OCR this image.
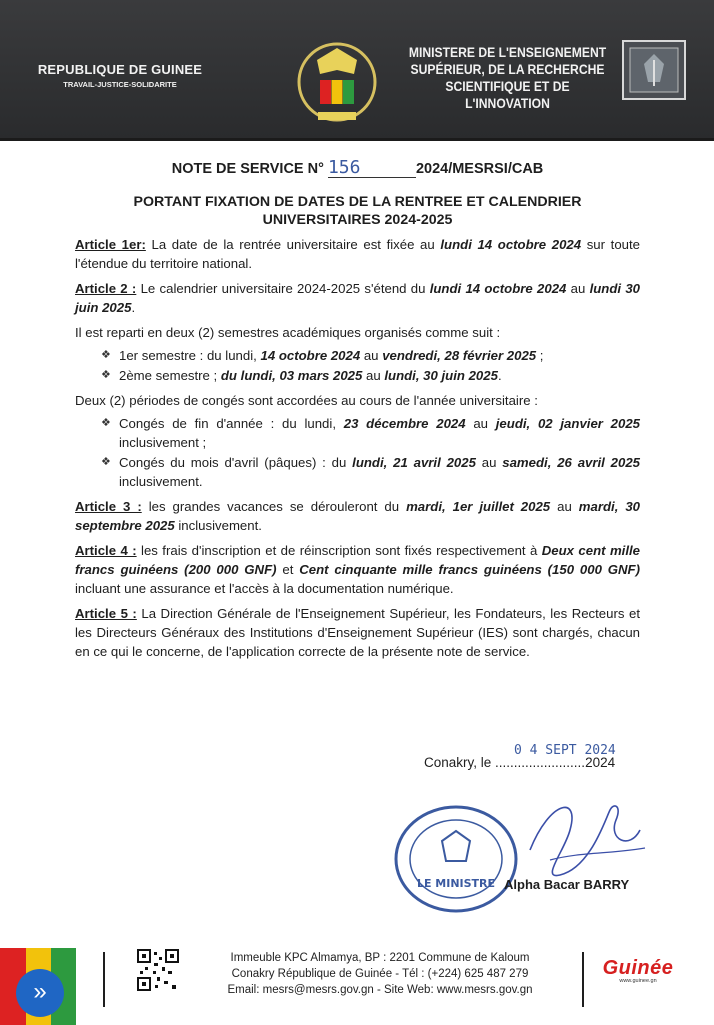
REPUBLIQUE DE GUINEE
TRAVAIL-JUSTICE-SOLIDARITE
MINISTERE DE L'ENSEIGNEMENT
SUPÉRIEUR, DE LA RECHERCHE
SCIENTIFIQUE ET DE L'INNOVATION
NOTE DE SERVICE N° 156	2024/MESRSI/CAB
PORTANT FIXATION DE DATES DE LA RENTREE ET CALENDRIER
UNIVERSITAIRES 2024-2025

Article 1er: La date de la rentrée universitaire est fixée au lundi 14 octobre 2024 sur toute l'étendue du territoire national.

Article 2 : Le calendrier universitaire 2024-2025 s'étend du lundi 14 octobre 2024 au lundi 30 juin 2025.

Il est reparti en deux (2) semestres académiques organisés comme suit :

❖ 1er semestre : du lundi, 14 octobre 2024 au vendredi, 28 février 2025 ;
❖ 2ème semestre ; du lundi, 03 mars 2025 au lundi, 30 juin 2025.

Deux (2) périodes de congés sont accordées au cours de l'année universitaire :

❖ Congés de fin d'année : du lundi, 23 décembre 2024 au jeudi, 02 janvier 2025 inclusivement ;
❖ Congés du mois d'avril (pâques) : du lundi, 21 avril 2025 au samedi, 26 avril 2025 inclusivement.

Article 3 : les grandes vacances se dérouleront du mardi, 1er juillet 2025 au mardi, 30 septembre 2025 inclusivement.

Article 4 : les frais d'inscription et de réinscription sont fixés respectivement à Deux cent mille francs guinéens (200 000 GNF) et Cent cinquante mille francs guinéens (150 000 GNF) incluant une assurance et l'accès à la documentation numérique.

Article 5 : La Direction Générale de l'Enseignement Supérieur, les Fondateurs, les Recteurs et les Directeurs Généraux des Institutions d'Enseignement Supérieur (IES) sont chargés, chacun en ce qui le concerne, de l'application correcte de la présente note de service.

Conakry, le ........................2024
0 4 SEPT 2024
LE MINISTRE Alpha Bacar BARRY
»
Immeuble KPC Almamya, BP : 2201 Commune de Kaloum
Conakry République de Guinée - Tél : (+224) 625 487 279
Email: mesrs@mesrs.gov.gn - Site Web: www.mesrs.gov.gn
Guinée
www.guinee.gn
